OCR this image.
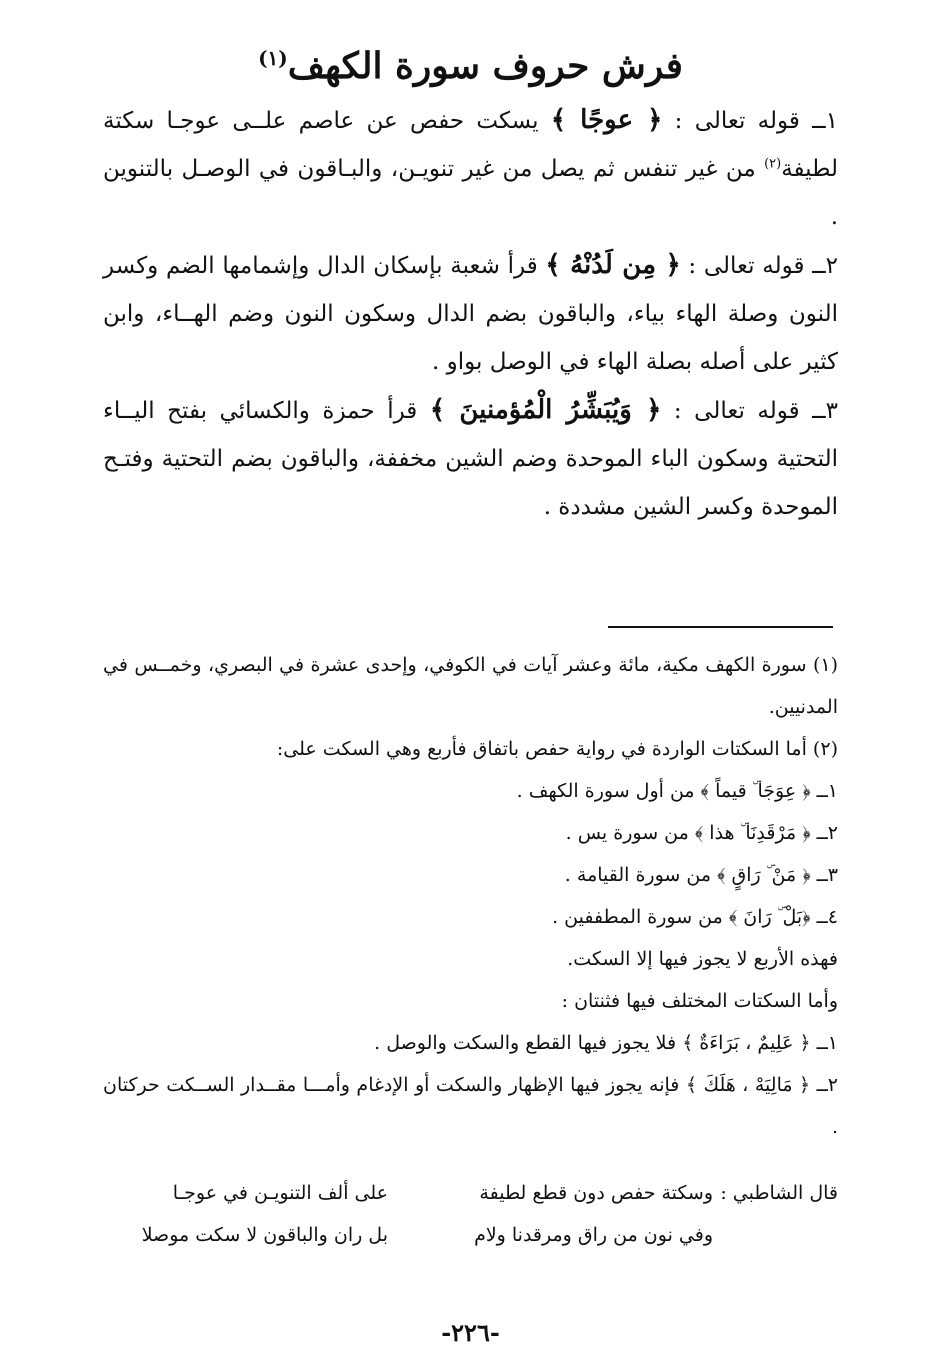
فرش حروف سورة الكهف$^{(١)}$

١ــ قوله تعالى : ﴿ عوجًا ﴾ يسكت حفص عن عاصم علــى عوجـا سكتة لطيفة$^{(٢)}$ من غير تنفس ثم يصل من غير تنويـن، والبـاقون في الوصـل بالتنوين .

٢ــ قوله تعالى : ﴿ مِن لَدُنْهُ ﴾ قرأ شعبة بإسكان الدال وإشمامها الضم وكسر النون وصلة الهاء بياء، والباقون بضم الدال وسكون النون وضم الهــاء، وابن كثير على أصله بصلة الهاء في الوصل بواو .

٣ــ قوله تعالى : ﴿ وَيُبَشِّرُ الْمُؤمنينَ ﴾ قرأ حمزة والكسائي بفتح اليــاء التحتية وسكون الباء الموحدة وضم الشين مخففة، والباقون بضم التحتية وفتـح الموحدة وكسر الشين مشددة .

(١) سورة الكهف مكية، مائة وعشر آيات في الكوفي، وإحدى عشرة في البصري، وخمــس في المدنيين.

(٢) أما السكتات الواردة في رواية حفص باتفاق فأربع وهي السكت على:

١ــ ﴿ عِوَجَا ۜ قيماً ﴾ من أول سورة الكهف .

٢ــ ﴿ مَرْقَدِنَا ۜ هذا ﴾ من سورة يس .

٣ــ ﴿ مَنْ ۜ رَاقٍ ﴾ من سورة القيامة .

٤ــ ﴿بَلْ ۜ رَانَ ﴾ من سورة المطففين .

فهذه الأربع لا يجوز فيها إلا السكت.

وأما السكتات المختلف فيها فثنتان :

١ــ ﴿ عَلِيمٌ ، بَرَاءَةٌ ﴾ فلا يجوز فيها القطع والسكت والوصل .

٢ــ ﴿ مَالِيَهْ ، هَلَكَ ﴾ فإنه يجوز فيها الإظهار والسكت أو الإدغام وأمـــا مقــدار الســكت حركتان .

قال الشاطبي :
وسكتة حفص دون قطع لطيفة
على ألف التنويـن في عوجـا
وفي نون من راق ومرقدنا ولام
بل ران والباقون لا سكت موصلا
-٢٢٦-
